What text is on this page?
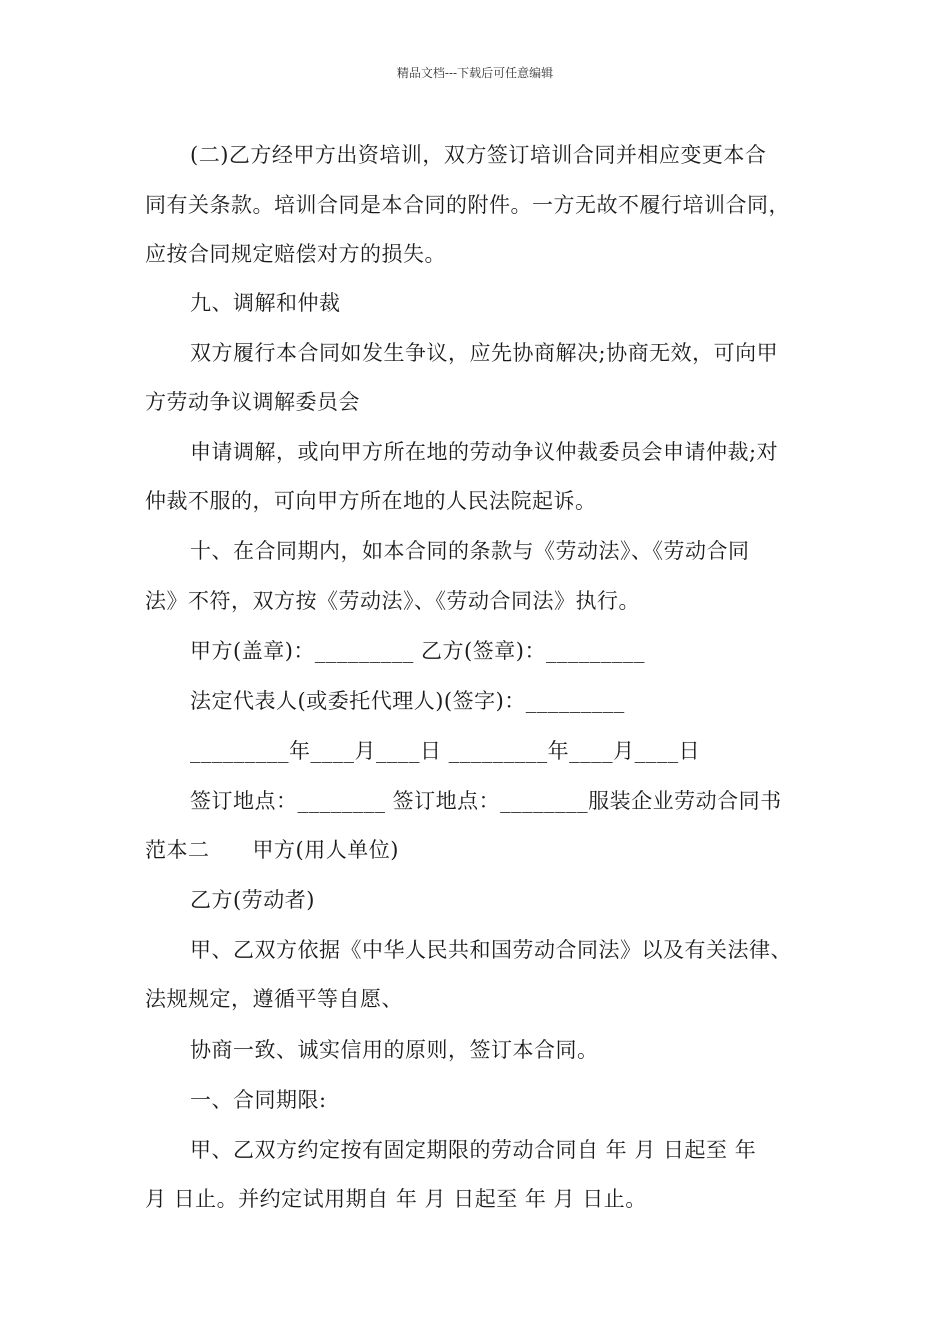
精品文档---下载后可任意编辑
(二)乙方经甲方出资培训，双方签订培训合同并相应变更本合
同有关条款。培训合同是本合同的附件。一方无故不履行培训合同，
应按合同规定赔偿对方的损失。
九、调解和仲裁
双方履行本合同如发生争议，应先协商解决;协商无效，可向甲
方劳动争议调解委员会
申请调解，或向甲方所在地的劳动争议仲裁委员会申请仲裁;对
仲裁不服的，可向甲方所在地的人民法院起诉。
十、在合同期内，如本合同的条款与《劳动法》、《劳动合同
法》不符，双方按《劳动法》、《劳动合同法》执行。
甲方(盖章)：_________ 乙方(签章)：_________
法定代表人(或委托代理人)(签字)：_________
_________年____月____日 _________年____月____日
签订地点：________ 签订地点：________服装企业劳动合同书
范本二　　甲方(用人单位)
乙方(劳动者)
甲、乙双方依据《中华人民共和国劳动合同法》以及有关法律、
法规规定，遵循平等自愿、
协商一致、诚实信用的原则，签订本合同。
一、合同期限:
甲、乙双方约定按有固定期限的劳动合同自 年 月 日起至 年
月 日止。并约定试用期自 年 月 日起至 年 月 日止。
